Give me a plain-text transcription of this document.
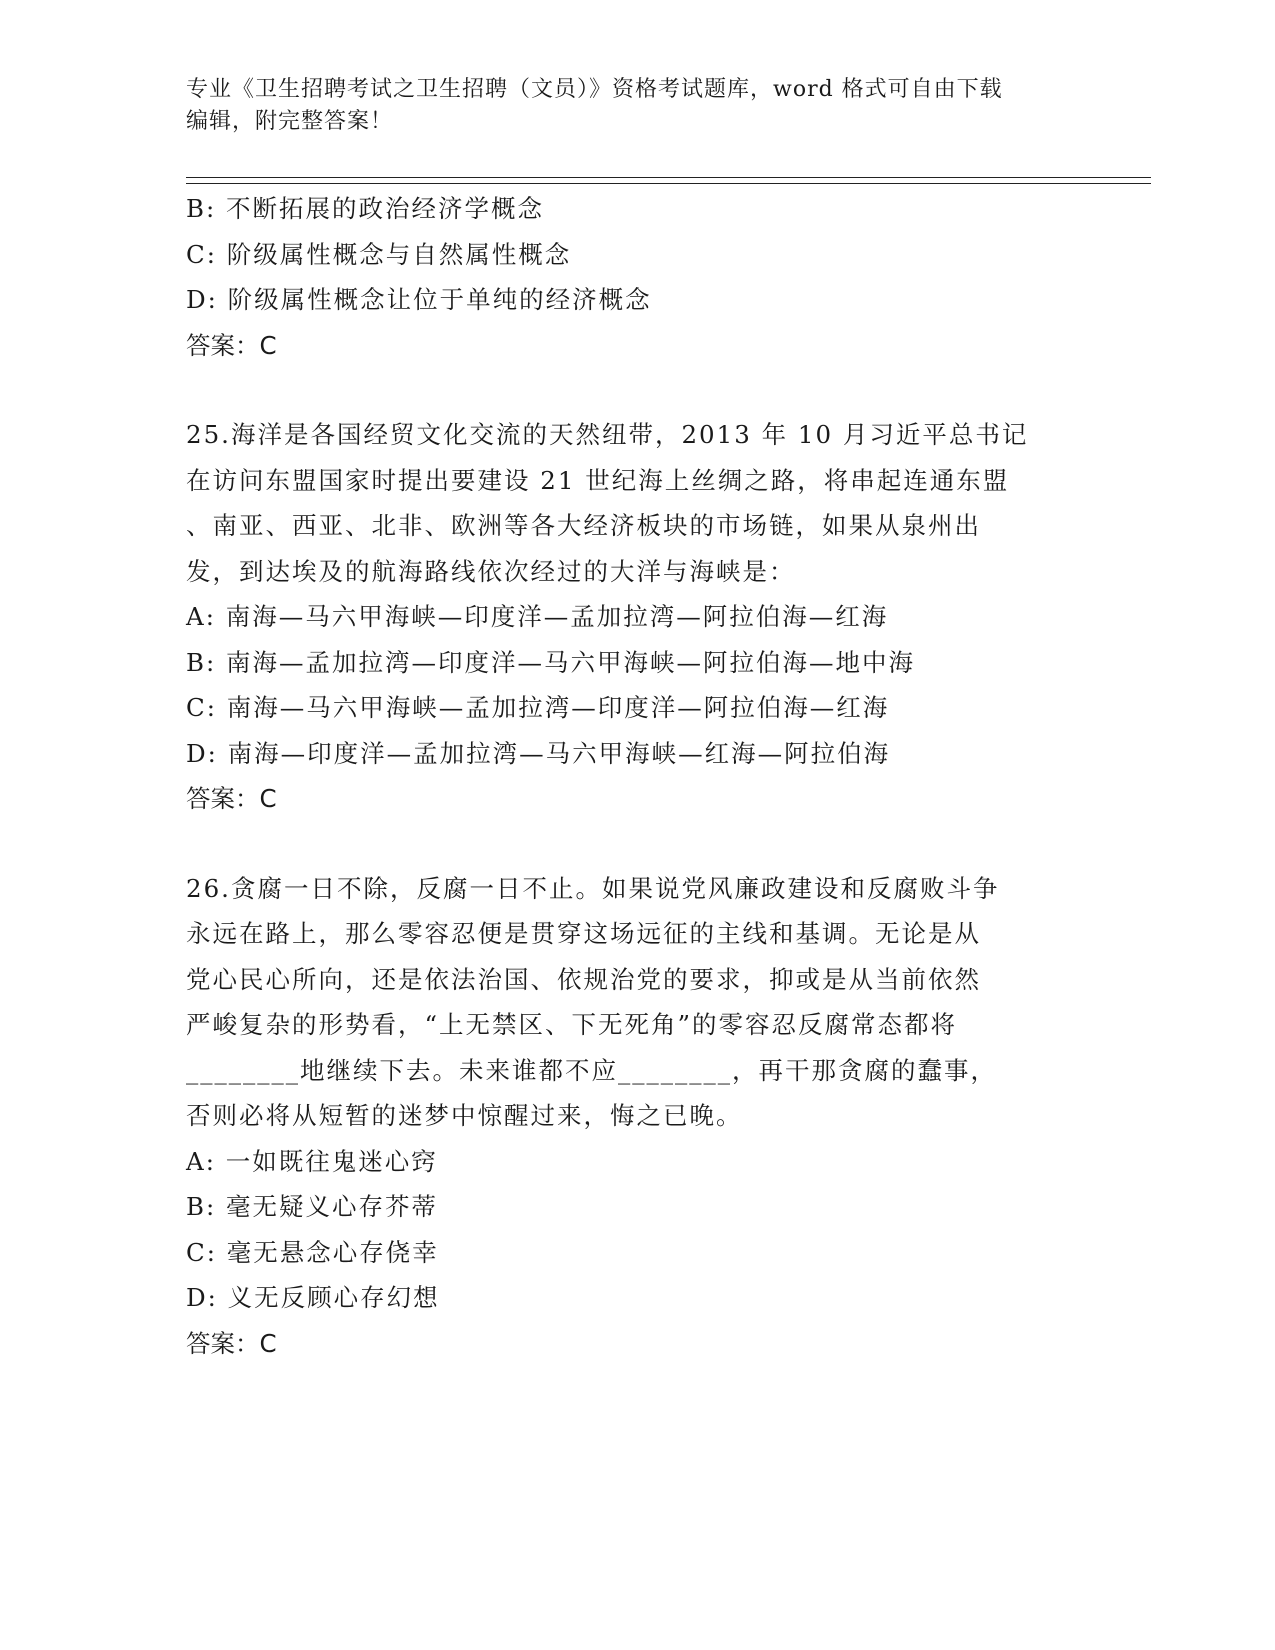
专业《卫生招聘考试之卫生招聘（文员）》资格考试题库，word 格式可自由下载
编辑，附完整答案！
B: 不断拓展的政治经济学概念
C: 阶级属性概念与自然属性概念
D: 阶级属性概念让位于单纯的经济概念
答案：C
25.海洋是各国经贸文化交流的天然纽带，2013 年 10 月习近平总书记
在访问东盟国家时提出要建设 21 世纪海上丝绸之路，将串起连通东盟
、南亚、西亚、北非、欧洲等各大经济板块的市场链，如果从泉州出
发，到达埃及的航海路线依次经过的大洋与海峡是：
A: 南海—马六甲海峡—印度洋—孟加拉湾—阿拉伯海—红海
B: 南海—孟加拉湾—印度洋—马六甲海峡—阿拉伯海—地中海
C: 南海—马六甲海峡—孟加拉湾—印度洋—阿拉伯海—红海
D: 南海—印度洋—孟加拉湾—马六甲海峡—红海—阿拉伯海
答案：C
26.贪腐一日不除，反腐一日不止。如果说党风廉政建设和反腐败斗争
永远在路上，那么零容忍便是贯穿这场远征的主线和基调。无论是从
党心民心所向，还是依法治国、依规治党的要求，抑或是从当前依然
严峻复杂的形势看，“上无禁区、下无死角”的零容忍反腐常态都将
________地继续下去。未来谁都不应________，再干那贪腐的蠢事，
否则必将从短暂的迷梦中惊醒过来，悔之已晚。
A: 一如既往鬼迷心窍
B: 毫无疑义心存芥蒂
C: 毫无悬念心存侥幸
D: 义无反顾心存幻想
答案：C
